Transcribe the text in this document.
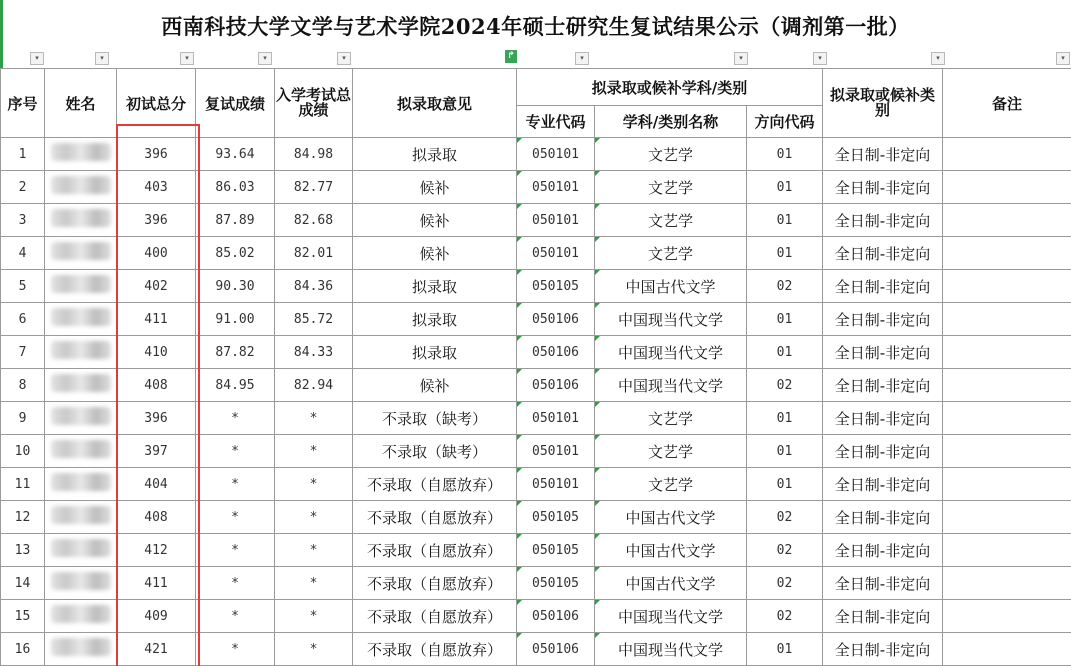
西南科技大学文学与艺术学院2024年硕士研究生复试结果公示（调剂第一批）
▾	▾	▾	▾	▾	▾	▾	▾	▾	▾
↱
序号	姓名	初试总分	复试成绩	入学考试总成绩	拟录取意见	拟录取或候补学科/类别			拟录取或候补类别	备注
						专业代码	学科/类别名称	方向代码		
1		396	93.64	84.98	拟录取	050101	文艺学	01	全日制-非定向	
2		403	86.03	82.77	候补	050101	文艺学	01	全日制-非定向	
3		396	87.89	82.68	候补	050101	文艺学	01	全日制-非定向	
4		400	85.02	82.01	候补	050101	文艺学	01	全日制-非定向	
5		402	90.30	84.36	拟录取	050105	中国古代文学	02	全日制-非定向	
6		411	91.00	85.72	拟录取	050106	中国现当代文学	01	全日制-非定向	
7		410	87.82	84.33	拟录取	050106	中国现当代文学	01	全日制-非定向	
8		408	84.95	82.94	候补	050106	中国现当代文学	02	全日制-非定向	
9		396	*	*	不录取（缺考）	050101	文艺学	01	全日制-非定向	
10		397	*	*	不录取（缺考）	050101	文艺学	01	全日制-非定向	
11		404	*	*	不录取（自愿放弃）	050101	文艺学	01	全日制-非定向	
12		408	*	*	不录取（自愿放弃）	050105	中国古代文学	02	全日制-非定向	
13		412	*	*	不录取（自愿放弃）	050105	中国古代文学	02	全日制-非定向	
14		411	*	*	不录取（自愿放弃）	050105	中国古代文学	02	全日制-非定向	
15		409	*	*	不录取（自愿放弃）	050106	中国现当代文学	02	全日制-非定向	
16		421	*	*	不录取（自愿放弃）	050106	中国现当代文学	01	全日制-非定向	
